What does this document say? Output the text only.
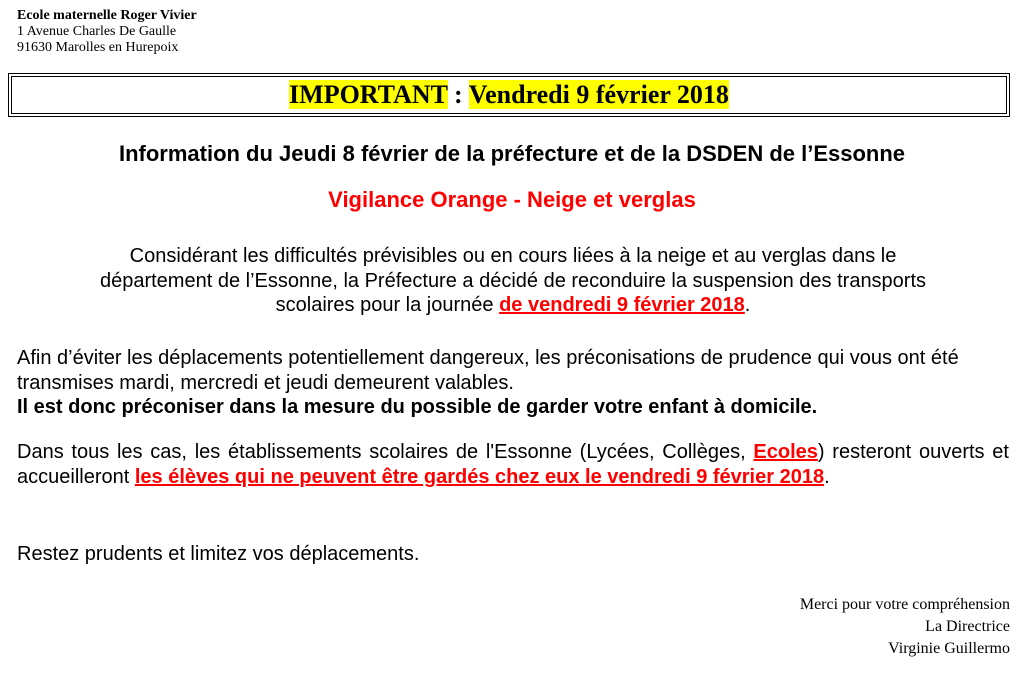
Ecole maternelle Roger Vivier
1 Avenue Charles De Gaulle
91630 Marolles en Hurepoix
IMPORTANT : Vendredi 9 février 2018
Information du Jeudi 8 février de la préfecture et de la DSDEN de l’Essonne
Vigilance Orange - Neige et verglas
Considérant les difficultés prévisibles ou en cours liées à la neige et au verglas dans le
département de l’Essonne, la Préfecture a décidé de reconduire la suspension des transports
scolaires pour la journée de vendredi 9 février 2018.
Afin d’éviter les déplacements potentiellement dangereux, les préconisations de prudence qui vous ont été transmises mardi, mercredi et jeudi demeurent valables.
Il est donc préconiser dans la mesure du possible de garder votre enfant à domicile.
Dans tous les cas, les établissements scolaires de l'Essonne (Lycées, Collèges, Ecoles) resteront ouverts et accueilleront les élèves qui ne peuvent être gardés chez eux le vendredi 9 février 2018.
Restez prudents et limitez vos déplacements.
Merci pour votre compréhension
La Directrice
Virginie Guillermo
